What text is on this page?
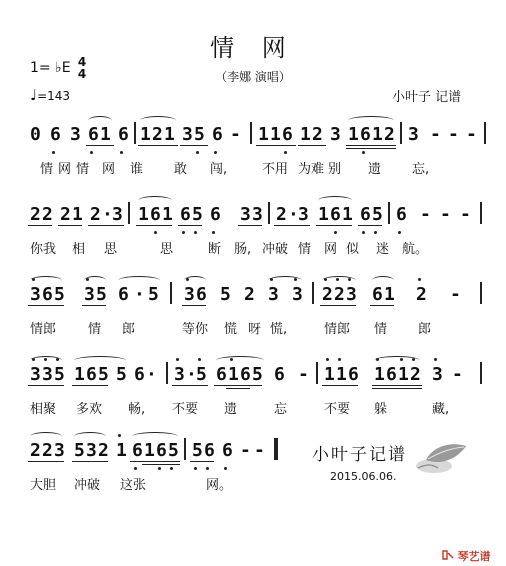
情 网
（李娜 演唱）
1= ♭E 4
4
♩=143	小叶子 记谱
0 6 3 6 1 6 1 2 1 3 5 6 - 1 1 6 1 2 3 1 6 1 2 3 - - -
情 网 情 网 谁 敢 闯,	不用 为难 别 遗 忘,
2 2 2 1 2 · 3 1 6 1 6 5 6 3 3 2 · 3 1 6 1 6 5 6 - - -
你我 相 思	思	断 肠, 冲破 情 网 似 迷 航。
3 6 5 3 5 6 · 5 3 6 5 2 3 3 2 2 3 6 1 2 -
情郎 情 郎	等你 慌 呀 慌,	情郎 情 郎
3 3 5 1 6 5 5 6 · 3 · 5 6 1 6 5 6 - 1 1 6 1 6 1 2 3 -
相聚 多欢 畅, 不要 遗	忘	不要 躲	藏,
2 2 3 5 3 2 1 6 1 6 5 5 6 6 - -
大胆 冲破 这张	网。
小叶子记谱
2015.06.06.
琴艺谱
